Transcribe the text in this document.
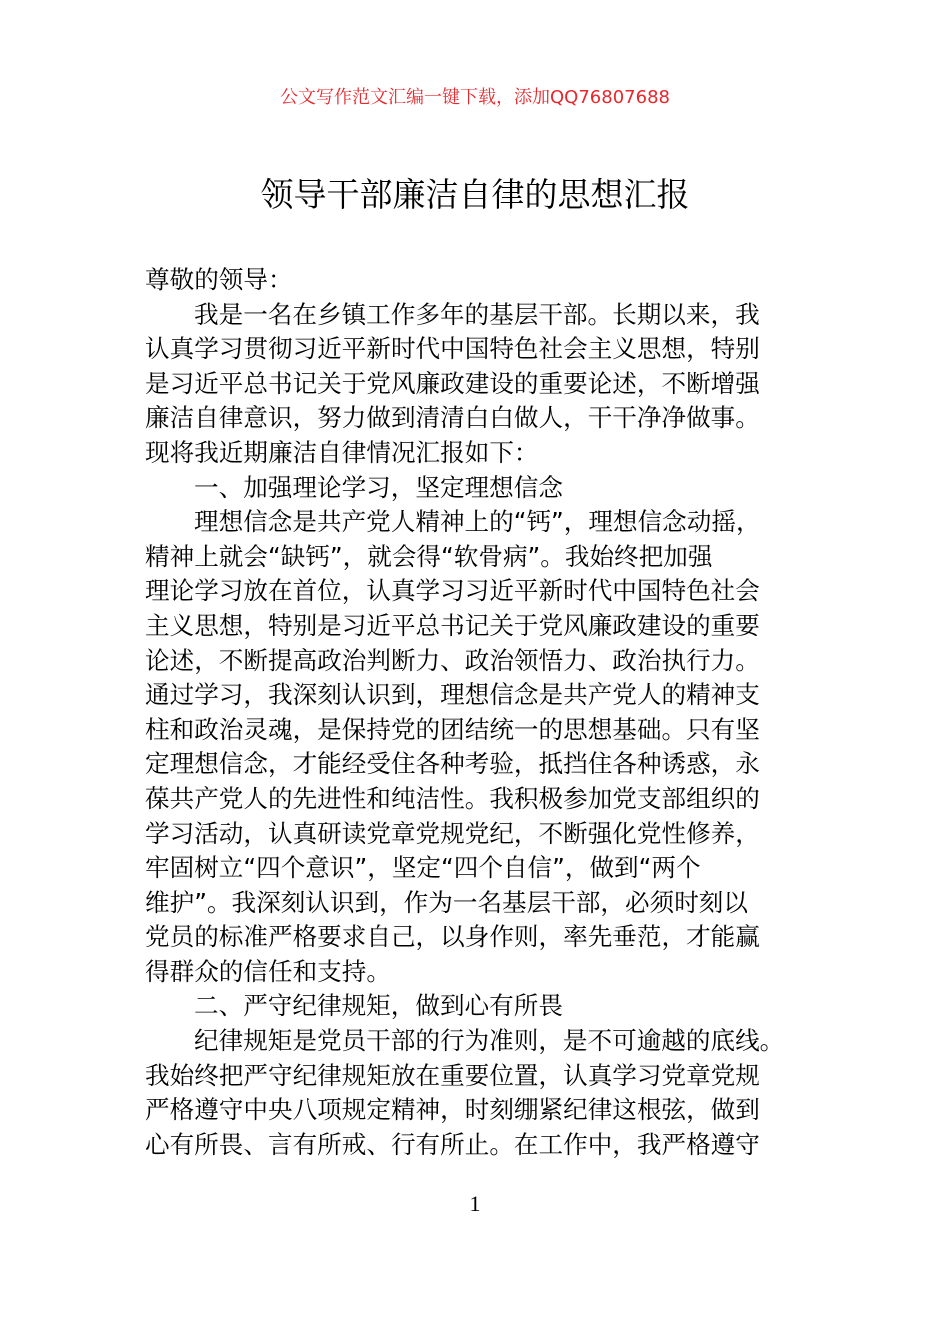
公文写作范文汇编一键下载，添加QQ76807688
领导干部廉洁自律的思想汇报
尊敬的领导：
我是一名在乡镇工作多年的基层干部。长期以来，我
认真学习贯彻习近平新时代中国特色社会主义思想，特别
是习近平总书记关于党风廉政建设的重要论述，不断增强
廉洁自律意识，努力做到清清白白做人，干干净净做事。
现将我近期廉洁自律情况汇报如下：
一、加强理论学习，坚定理想信念
理想信念是共产党人精神上的“钙”，理想信念动摇，
精神上就会“缺钙”，就会得“软骨病”。我始终把加强
理论学习放在首位，认真学习习近平新时代中国特色社会
主义思想，特别是习近平总书记关于党风廉政建设的重要
论述，不断提高政治判断力、政治领悟力、政治执行力。
通过学习，我深刻认识到，理想信念是共产党人的精神支
柱和政治灵魂，是保持党的团结统一的思想基础。只有坚
定理想信念，才能经受住各种考验，抵挡住各种诱惑，永
葆共产党人的先进性和纯洁性。我积极参加党支部组织的
学习活动，认真研读党章党规党纪，不断强化党性修养，
牢固树立“四个意识”，坚定“四个自信”，做到“两个
维护”。我深刻认识到，作为一名基层干部，必须时刻以
党员的标准严格要求自己，以身作则，率先垂范，才能赢
得群众的信任和支持。
二、严守纪律规矩，做到心有所畏
纪律规矩是党员干部的行为准则，是不可逾越的底线。
我始终把严守纪律规矩放在重要位置，认真学习党章党规
严格遵守中央八项规定精神，时刻绷紧纪律这根弦，做到
心有所畏、言有所戒、行有所止。在工作中，我严格遵守
1
